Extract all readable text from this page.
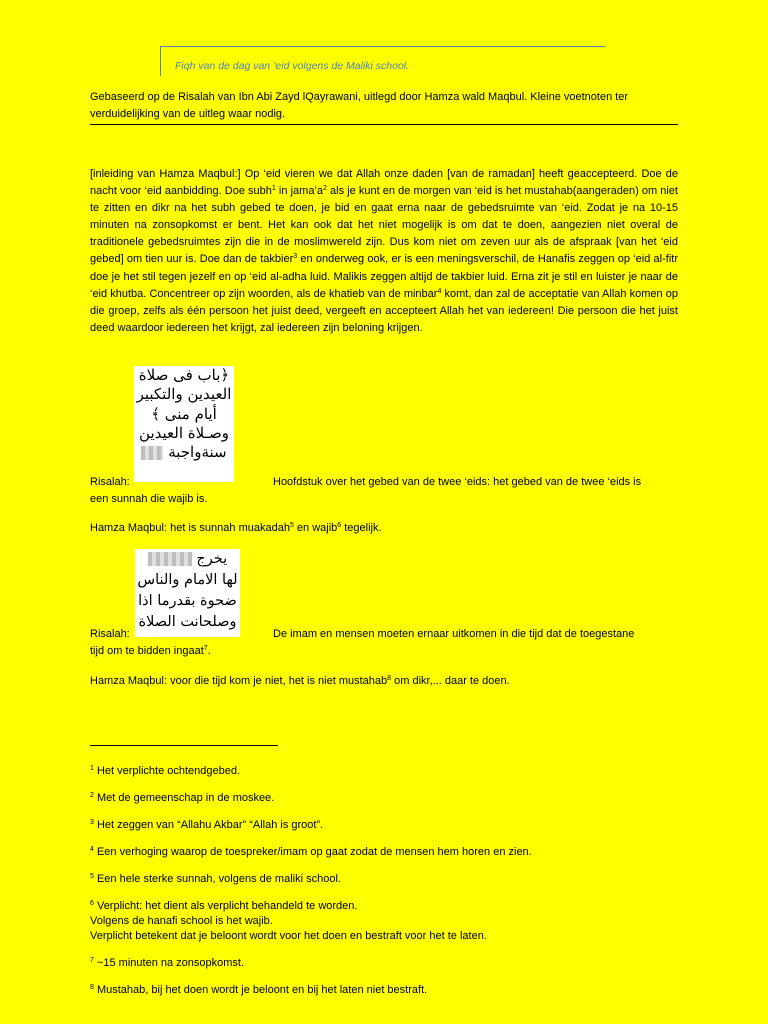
Fiqh van de dag van ‘eid volgens de Maliki school.
Gebaseerd op de Risalah van Ibn Abi Zayd lQayrawani, uitlegd door Hamza wald Maqbul. Kleine voetnoten ter verduidelijking van de uitleg waar nodig.
[inleiding van Hamza Maqbul:] Op ‘eid vieren we dat Allah onze daden [van de ramadan] heeft geaccepteerd. Doe de nacht voor ‘eid aanbidding. Doe subh$^1$ in $jama’a^2$ als je kunt en de morgen van ‘eid is het mustahab(aangeraden) om niet te zitten en dikr na het subh gebed te doen, je bid en gaat erna naar de gebedsruimte van ‘eid. Zodat je na 10-15 minuten na zonsopkomst er bent. Het kan ook dat het niet mogelijk is om dat te doen, aangezien niet overal de traditionele gebedsruimtes zijn die in de moslimwereld zijn. Dus kom niet om zeven uur als de afspraak [van het ‘eid gebed] om tien uur is. Doe dan de takbier$^3$ en onderweg ook, er is een meningsverschil, de Hanafis zeggen op ‘eid al-fitr doe je het stil tegen jezelf en op ‘eid al-adha luid. Malikis zeggen altijd de takbier luid. Erna zit je stil en luister je naar de ‘eid khutba. Concentreer op zijn woorden, als de khatieb van de minbar$^4$ komt, dan zal de acceptatie van Allah komen op die groep, zelfs als één persoon het juist deed, vergeeft en accepteert Allah het van iedereen! Die persoon die het juist deed waardoor iedereen het krijgt, zal iedereen zijn beloning krijgen.
﴿باب فى صلاة
العيدين والتكبير
أيام منى ﴾
وصـلاة العيدين
سنةواجبة
Risalah:	Hoofdstuk over het gebed van de twee ‘eids: het gebed van de twee ‘eids is
een sunnah die wajib is.
Hamza Maqbul: het is sunnah muakadah$^5$ en wajib$^6$ tegelijk.
يخرج
لها الامام والناس
ضحوة بقدرما اذا
وصلحانت الصلاة
Risalah:	De imam en mensen moeten ernaar uitkomen in die tijd dat de toegestane
tijd om te bidden ingaat$^7$.
Hamza Maqbul: voor die tijd kom je niet, het is niet mustahab$^8$ om dikr,... daar te doen.
$^1$ Het verplichte ochtendgebed.
$^2$ Met de gemeenschap in de moskee.
$^3$ Het zeggen van “Allahu Akbar” “Allah is groot”.
$^4$ Een verhoging waarop de toespreker/imam op gaat zodat de mensen hem horen en zien.
$^5$ Een hele sterke sunnah, volgens de maliki school.
$^6$ Verplicht: het dient als verplicht behandeld te worden.
Volgens de hanafi school is het wajib.
Verplicht betekent dat je beloont wordt voor het doen en bestraft voor het te laten.
$^7$ ~15 minuten na zonsopkomst.
$^8$ Mustahab, bij het doen wordt je beloont en bij het laten niet bestraft.
